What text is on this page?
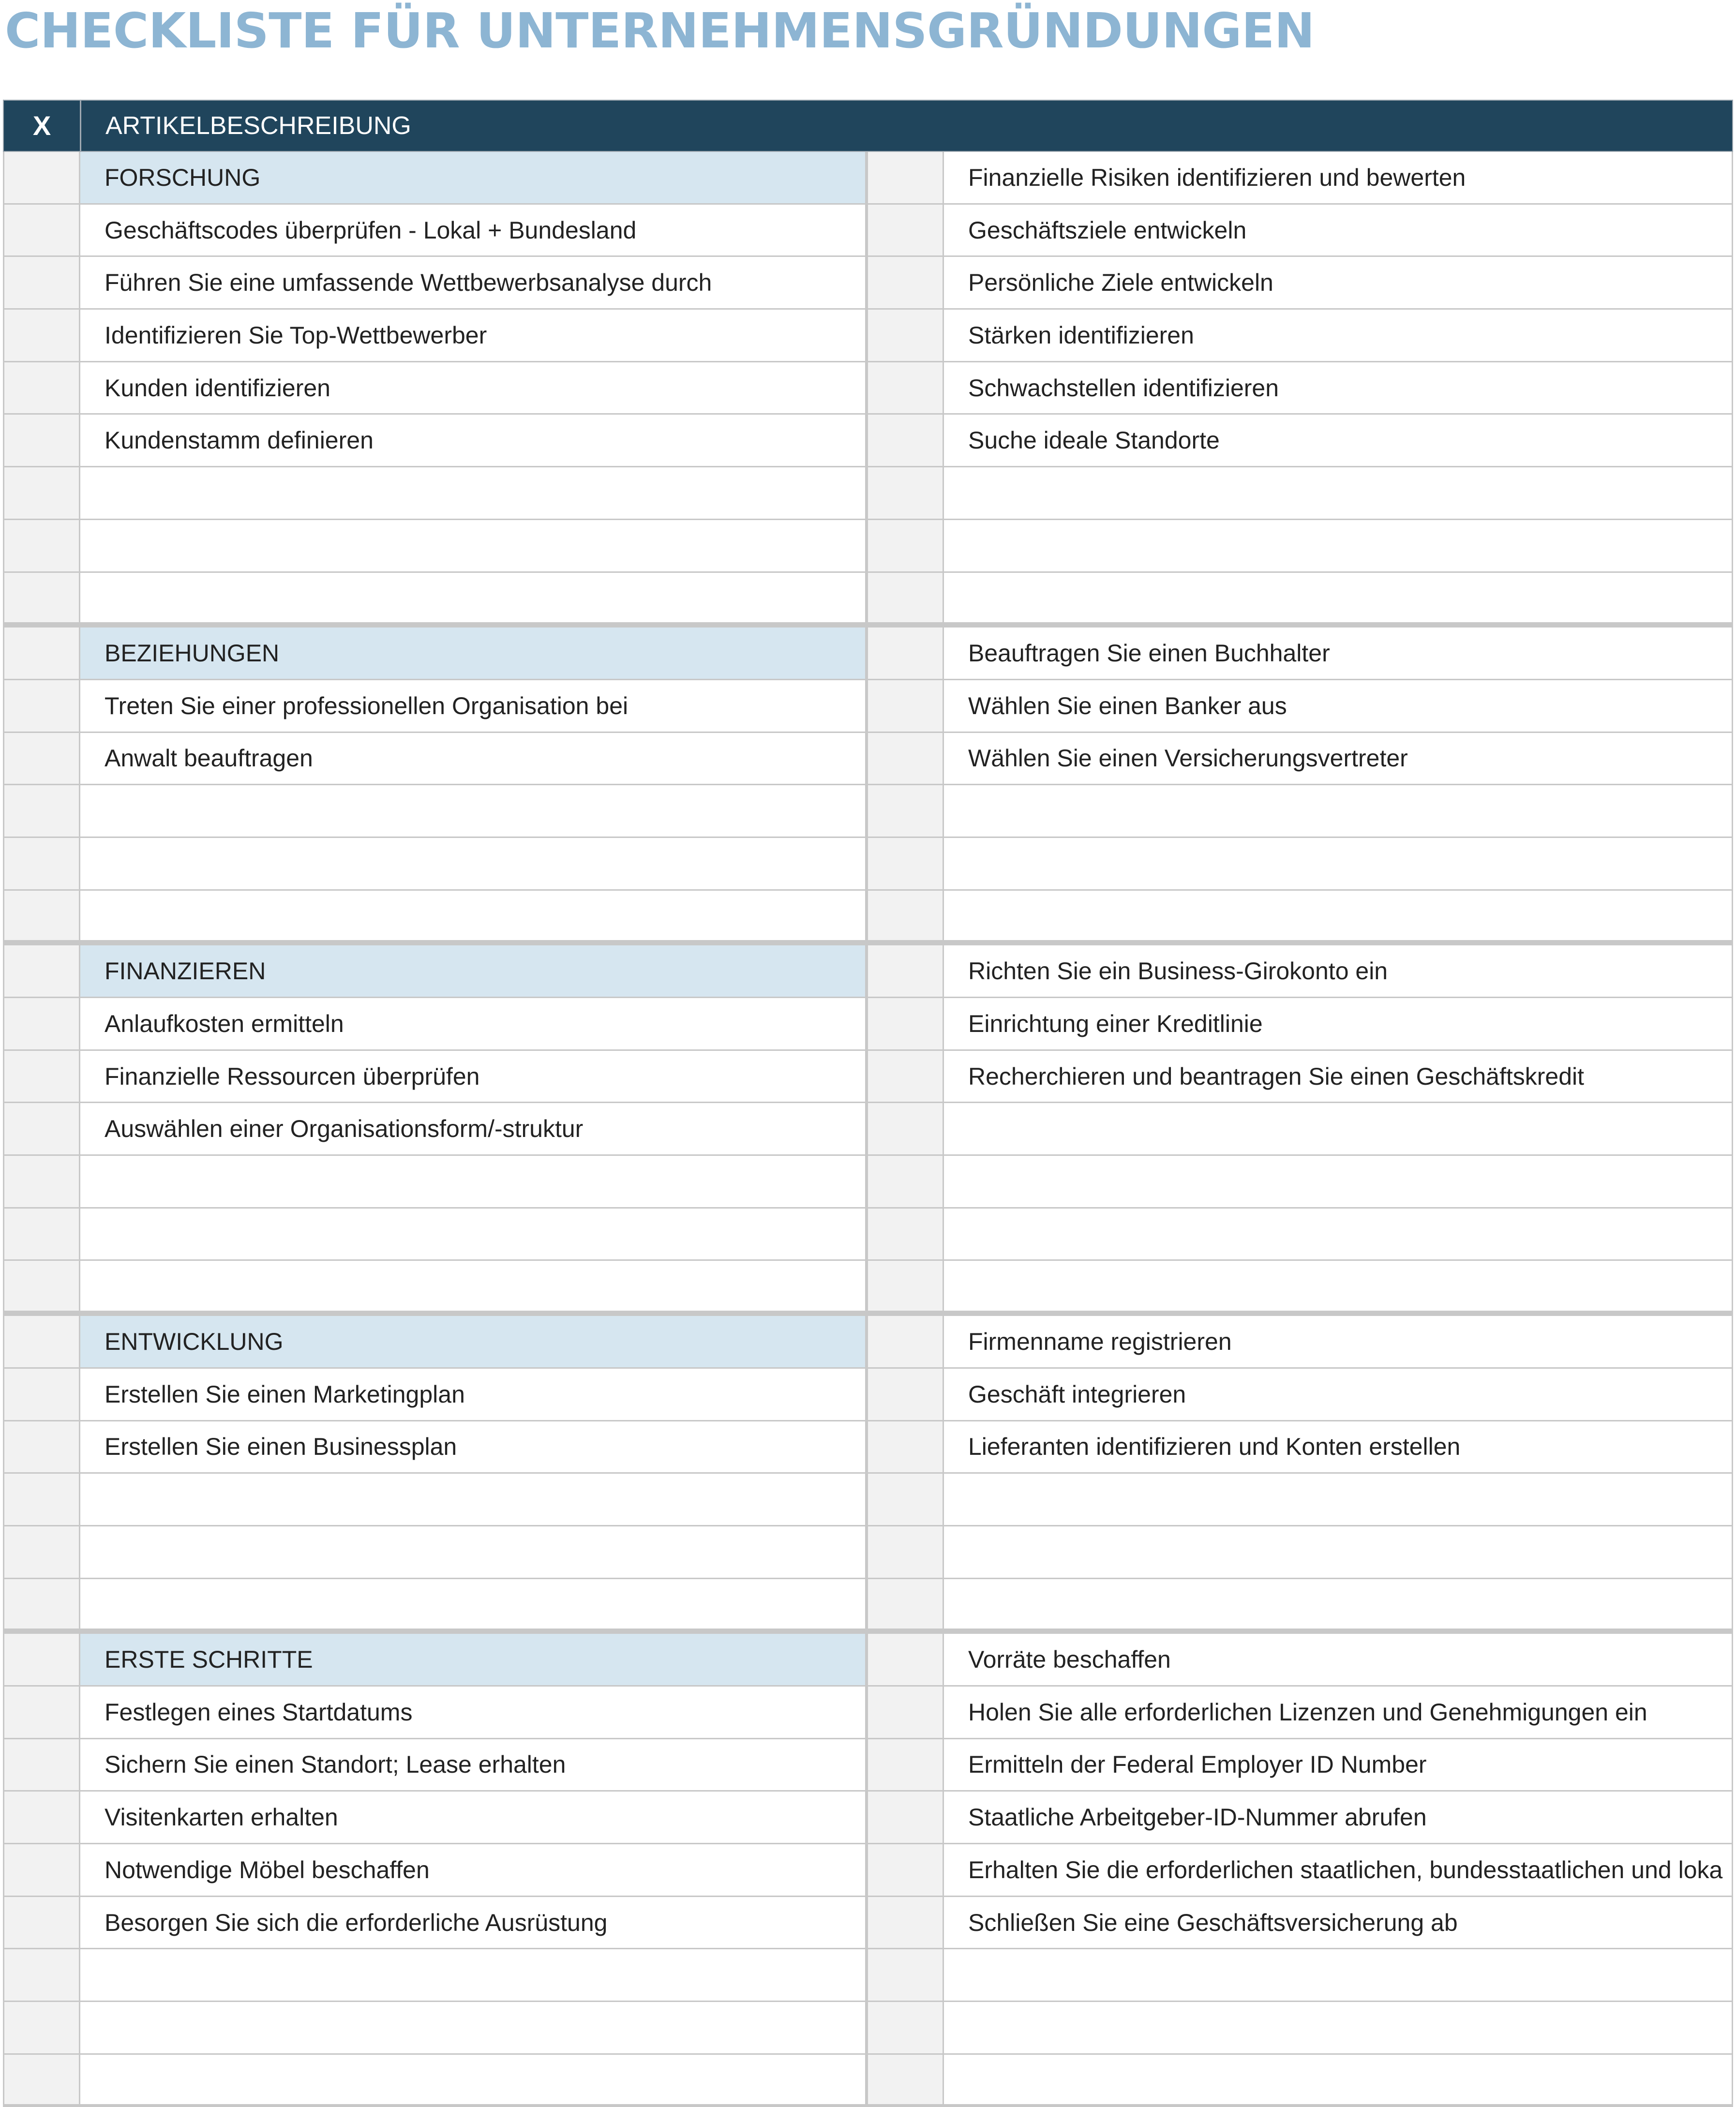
CHECKLISTE FÜR UNTERNEHMENSGRÜNDUNGEN
X	ARTIKELBESCHREIBUNG
FORSCHUNG	Finanzielle Risiken identifizieren und bewerten
Geschäftscodes überprüfen - Lokal + Bundesland	Geschäftsziele entwickeln
Führen Sie eine umfassende Wettbewerbsanalyse durch	Persönliche Ziele entwickeln
Identifizieren Sie Top-Wettbewerber	Stärken identifizieren
Kunden identifizieren	Schwachstellen identifizieren
Kundenstamm definieren	Suche ideale Standorte
BEZIEHUNGEN	Beauftragen Sie einen Buchhalter
Treten Sie einer professionellen Organisation bei	Wählen Sie einen Banker aus
Anwalt beauftragen	Wählen Sie einen Versicherungsvertreter
FINANZIEREN	Richten Sie ein Business-Girokonto ein
Anlaufkosten ermitteln	Einrichtung einer Kreditlinie
Finanzielle Ressourcen überprüfen	Recherchieren und beantragen Sie einen Geschäftskredit
Auswählen einer Organisationsform/-struktur
ENTWICKLUNG	Firmenname registrieren
Erstellen Sie einen Marketingplan	Geschäft integrieren
Erstellen Sie einen Businessplan	Lieferanten identifizieren und Konten erstellen
ERSTE SCHRITTE	Vorräte beschaffen
Festlegen eines Startdatums	Holen Sie alle erforderlichen Lizenzen und Genehmigungen ein
Sichern Sie einen Standort; Lease erhalten	Ermitteln der Federal Employer ID Number
Visitenkarten erhalten	Staatliche Arbeitgeber-ID-Nummer abrufen
Notwendige Möbel beschaffen	Erhalten Sie die erforderlichen staatlichen, bundesstaatlichen und loka
Besorgen Sie sich die erforderliche Ausrüstung	Schließen Sie eine Geschäftsversicherung ab
